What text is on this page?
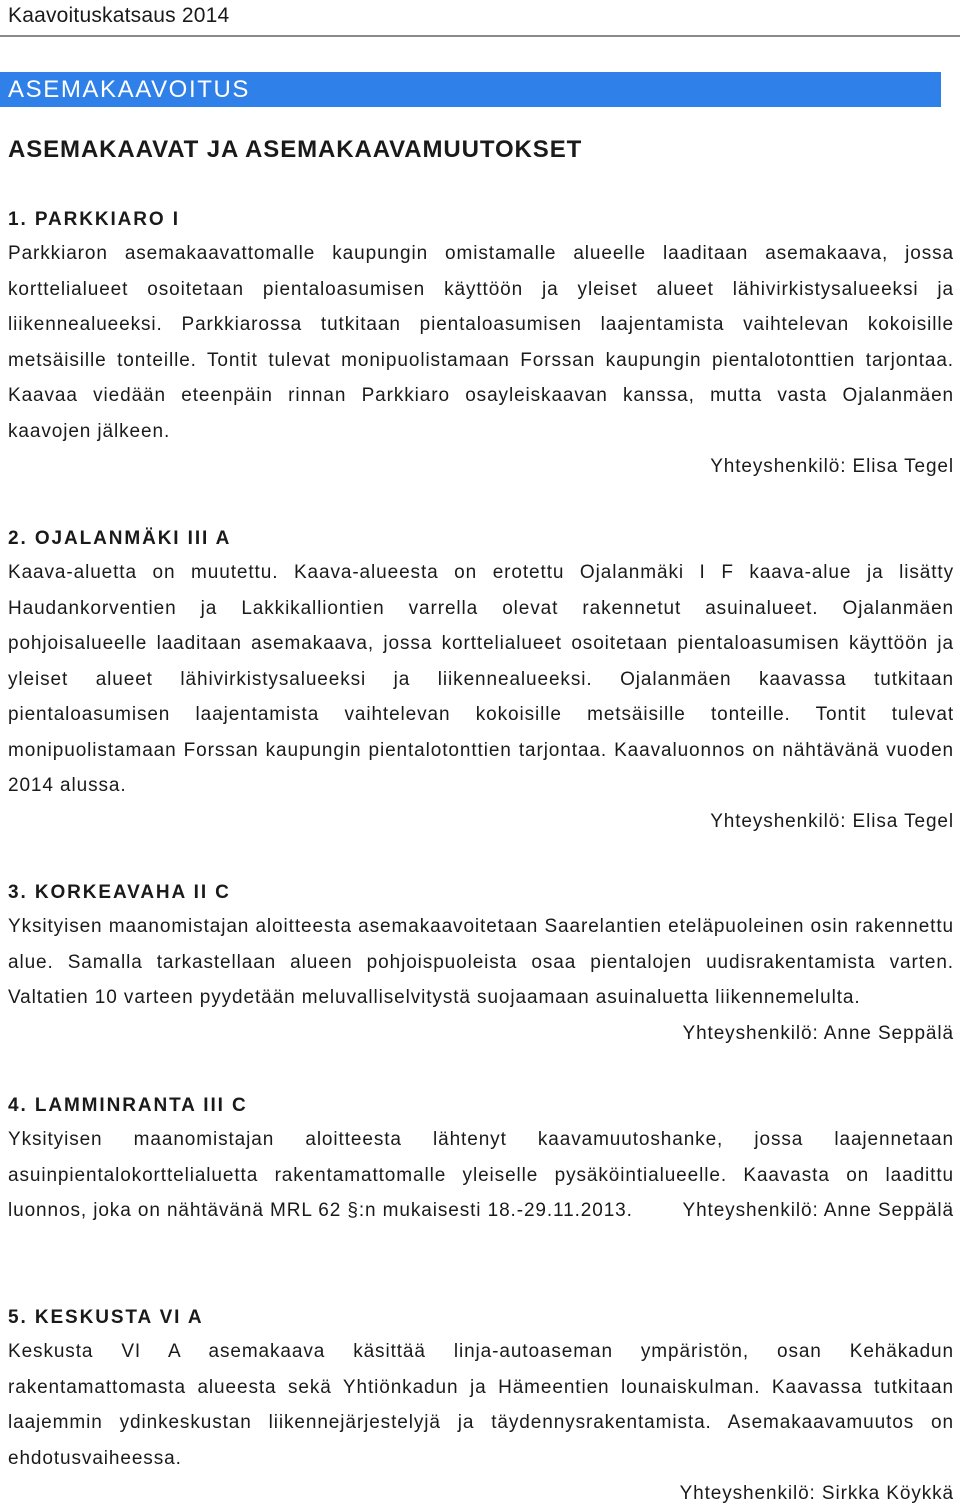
Kaavoituskatsaus 2014
ASEMAKAAVOITUS
ASEMAKAAVAT JA ASEMAKAAVAMUUTOKSET
1. PARKKIARO I
Parkkiaron asemakaavattomalle kaupungin omistamalle alueelle laaditaan asemakaava, jossa korttelialueet osoitetaan pientaloasumisen käyttöön ja yleiset alueet lähivirkistysalueeksi ja liikennealueeksi. Parkkiarossa tutkitaan pientaloasumisen laajentamista vaihtelevan kokoisille metsäisille tonteille. Tontit tulevat monipuolistamaan Forssan kaupungin pientalotonttien tarjontaa. Kaavaa viedään eteenpäin rinnan Parkkiaro osayleiskaavan kanssa, mutta vasta Ojalanmäen kaavojen jälkeen.
Yhteyshenkilö: Elisa Tegel
2. OJALANMÄKI III A
Kaava-aluetta on muutettu. Kaava-alueesta on erotettu Ojalanmäki I F kaava-alue ja lisätty Haudankorventien ja Lakkikalliontien varrella olevat rakennetut asuinalueet. Ojalanmäen pohjoisalueelle laaditaan asemakaava, jossa korttelialueet osoitetaan pientaloasumisen käyttöön ja yleiset alueet lähivirkistysalueeksi ja liikennealueeksi. Ojalanmäen kaavassa tutkitaan pientaloasumisen laajentamista vaihtelevan kokoisille metsäisille tonteille. Tontit tulevat monipuolistamaan Forssan kaupungin pientalotonttien tarjontaa. Kaavaluonnos on nähtävänä vuoden 2014 alussa.
Yhteyshenkilö: Elisa Tegel
3. KORKEAVAHA II C
Yksityisen maanomistajan aloitteesta asemakaavoitetaan Saarelantien eteläpuoleinen osin rakennettu alue. Samalla tarkastellaan alueen pohjoispuoleista osaa pientalojen uudisrakentamista varten. Valtatien 10 varteen pyydetään meluvalliselvitystä suojaamaan asuinaluetta liikennemelulta.
Yhteyshenkilö: Anne Seppälä
4. LAMMINRANTA III C
Yksityisen maanomistajan aloitteesta lähtenyt kaavamuutoshanke, jossa laajennetaan asuinpientalokorttelialuetta rakentamattomalle yleiselle pysäköintialueelle. Kaavasta on laadittu luonnos, joka on nähtävänä MRL 62 §:n mukaisesti 18.-29.11.2013.	Yhteyshenkilö: Anne Seppälä
5. KESKUSTA VI A
Keskusta VI A asemakaava käsittää linja-autoaseman ympäristön, osan Kehäkadun rakentamattomasta alueesta sekä Yhtiönkadun ja Hämeentien lounaiskulman. Kaavassa tutkitaan laajemmin ydinkeskustan liikennejärjestelyjä ja täydennysrakentamista. Asemakaavamuutos on ehdotusvaiheessa.
Yhteyshenkilö: Sirkka Köykkä
